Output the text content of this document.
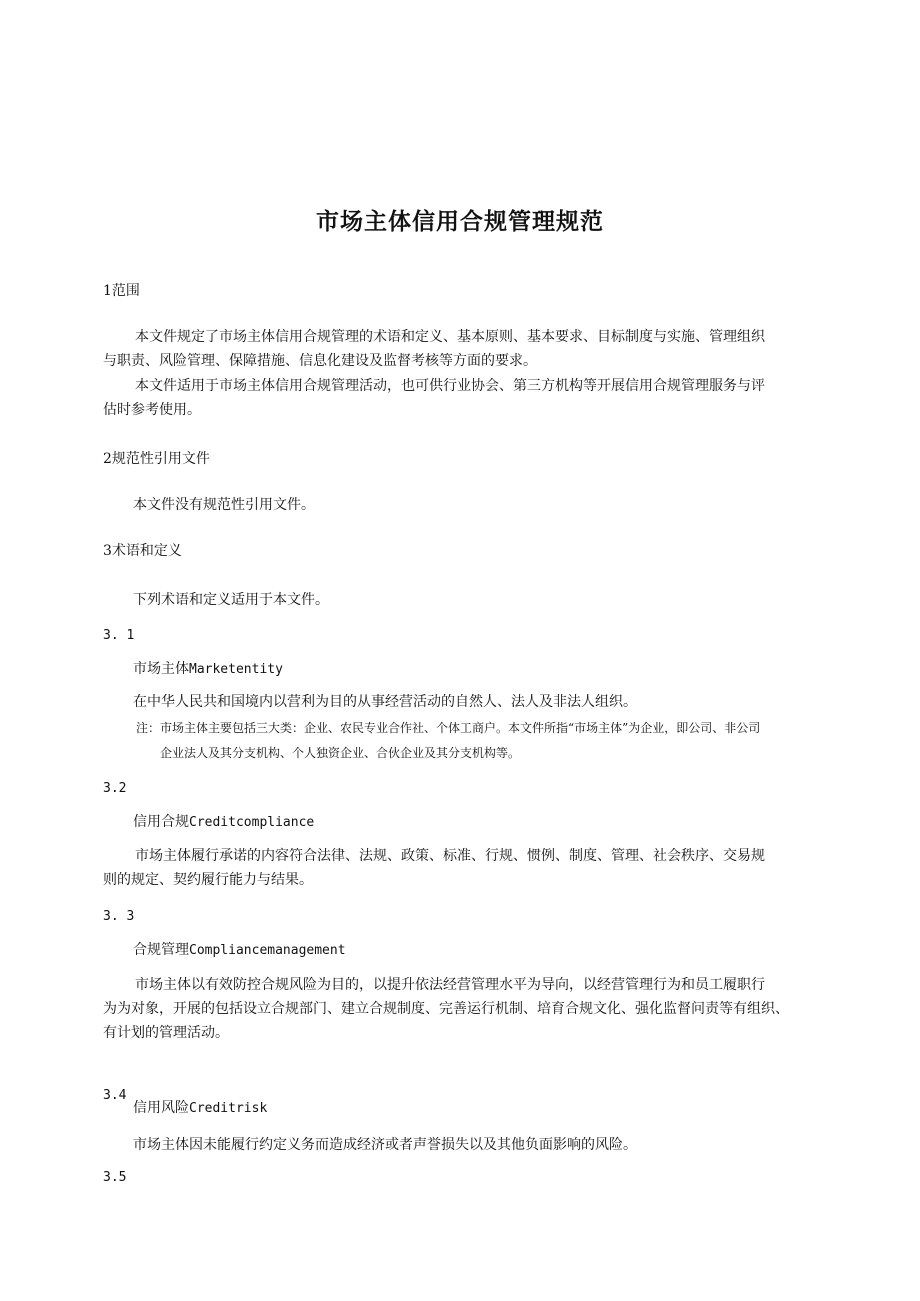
市场主体信用合规管理规范
1范围
本文件规定了市场主体信用合规管理的术语和定义、基本原则、基本要求、目标制度与实施、管理组织
与职责、风险管理、保障措施、信息化建设及监督考核等方面的要求。
本文件适用于市场主体信用合规管理活动，也可供行业协会、第三方机构等开展信用合规管理服务与评
估时参考使用。
2规范性引用文件
本文件没有规范性引用文件。
3术语和定义
下列术语和定义适用于本文件。
3. 1
市场主体Marketentity
在中华人民共和国境内以营利为目的从事经营活动的自然人、法人及非法人组织。
注：市场主体主要包括三大类：企业、农民专业合作社、个体工商户。本文件所指“市场主体”为企业，即公司、非公司
企业法人及其分支机构、个人独资企业、合伙企业及其分支机构等。
3.2
信用合规Creditcompliance
市场主体履行承诺的内容符合法律、法规、政策、标准、行规、惯例、制度、管理、社会秩序、交易规
则的规定、契约履行能力与结果。
3. 3
合规管理Compliancemanagement
市场主体以有效防控合规风险为目的，以提升依法经营管理水平为导向，以经营管理行为和员工履职行
为为对象，开展的包括设立合规部门、建立合规制度、完善运行机制、培育合规文化、强化监督问责等有组织、
有计划的管理活动。
3.4
信用风险Creditrisk
市场主体因未能履行约定义务而造成经济或者声誉损失以及其他负面影响的风险。
3.5
